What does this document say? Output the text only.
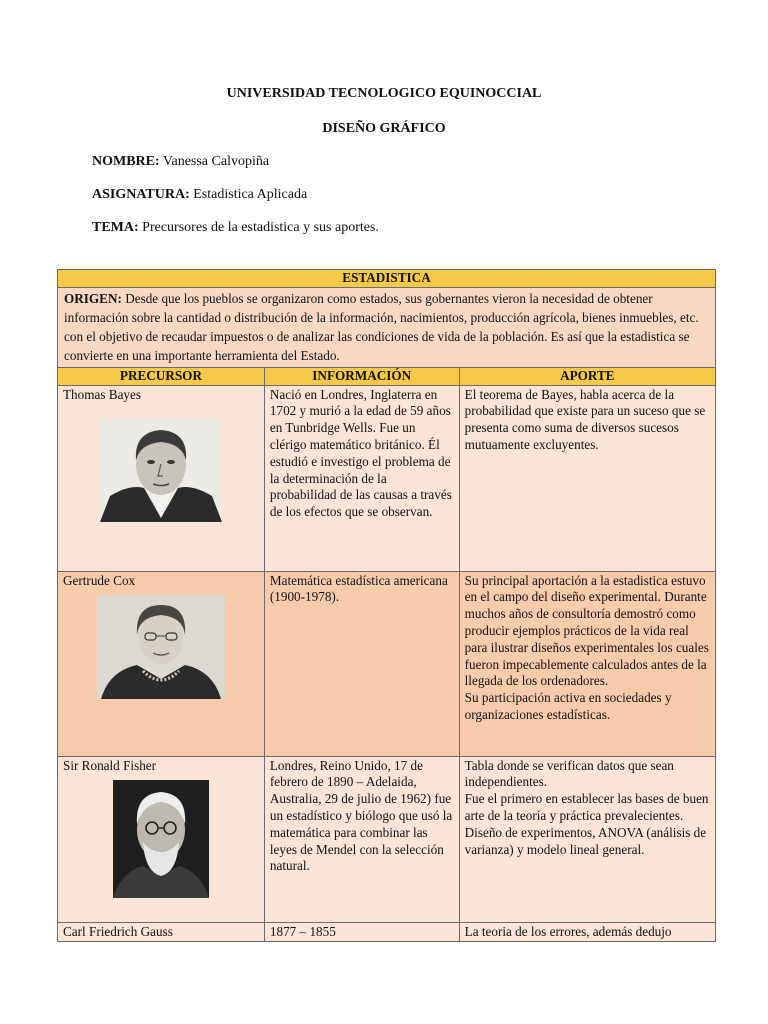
UNIVERSIDAD TECNOLOGICO EQUINOCCIAL
DISEÑO GRÁFICO
NOMBRE: Vanessa Calvopiña
ASIGNATURA: Estadistica Aplicada
TEMA: Precursores de la estadistica y sus aportes.
ESTADISTICA		
ORIGEN: Desde que los pueblos se organizaron como estados, sus gobernantes vieron la necesidad de obtener información sobre la cantidad o distribución de la información, nacimientos, producción agrícola, bienes inmuebles, etc. con el objetivo de recaudar impuestos o de analizar las condiciones de vida de la población. Es así que la estadistica se convierte en una importante herramienta del Estado.		
PRECURSOR	INFORMACIÓN	APORTE

Thomas Bayes	Nació en Londres, Inglaterra en 1702 y murió a la edad de 59 años en Tunbridge Wells. Fue un clérigo matemático británico. Él estudió e investigo el problema de la determinación de la probabilidad de las causas a través de los efectos que se observan.	El teorema de Bayes, habla acerca de la probabilidad que existe para un suceso que se presenta como suma de diversos sucesos mutuamente excluyentes.

Gertrude Cox	Matemática estadística americana (1900-1978).	Su principal aportación a la estadistica estuvo en el campo del diseño experimental. Durante muchos años de consultoría demostró como producir ejemplos prácticos de la vida real para ilustrar diseños experimentales los cuales fueron impecablemente calculados antes de la llegada de los ordenadores.
Su participación activa en sociedades y organizaciones estadísticas.

Sir Ronald Fisher	Londres, Reino Unido, 17 de febrero de 1890 – Adelaida, Australia, 29 de julio de 1962) fue un estadístico y biólogo que usó la matemática para combinar las leyes de Mendel con la selección natural.	Tabla donde se verifican datos que sean independientes.
Fue el primero en establecer las bases de buen arte de la teoría y práctica prevalecientes. Diseño de experimentos, ANOVA (análisis de varianza) y modelo lineal general.

Carl Friedrich Gauss	1877 – 1855	La teoria de los errores, además dedujo
